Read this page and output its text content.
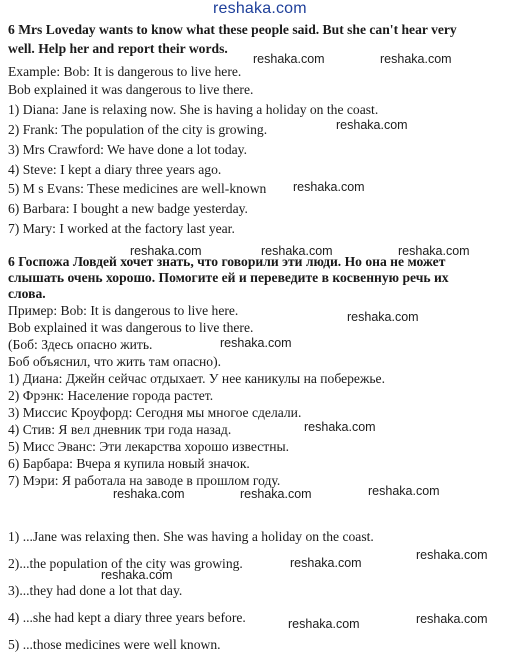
reshaka.com
6 Mrs Loveday wants to know what these people said. But she can't hear very
well. Help her and report their words.
Example: Bob: It is dangerous to live here.
Bob explained it was dangerous to live there.
1) Diana: Jane is relaxing now. She is having a holiday on the coast.
2) Frank: The population of the city is growing.
3) Mrs Crawford: We have done a lot today.
4) Steve: I kept a diary three years ago.
5) M s Evans: These medicines are well-known
6) Barbara: I bought a new badge yesterday.
7) Mary: I worked at the factory last year.
6 Госпожа Ловдей хочет знать, что говорили эти люди. Но она не может
слышать очень хорошо. Помогите ей и переведите в косвенную речь их
слова.
Пример: Bob: It is dangerous to live here.
Bob explained it was dangerous to live there.
(Боб: Здесь опасно жить.
Боб объяснил, что жить там опасно).
1) Диана: Джейн сейчас отдыхает. У нее каникулы на побережье.
2) Фрэнк: Население города растет.
3) Миссис Кроуфорд: Сегодня мы многое сделали.
4) Стив: Я вел дневник три года назад.
5) Мисс Эванс: Эти лекарства хорошо известны.
6) Барбара: Вчера я купила новый значок.
7) Мэри: Я работала на заводе в прошлом году.
1) ...Jane was relaxing then. She was having a holiday on the coast.
2)...the population of the city was growing.
3)...they had done a lot that day.
4) ...she had kept a diary three years before.
5) ...those medicines were well known.
reshaka.com	reshaka.com
reshaka.com
reshaka.com
reshaka.com	reshaka.com	reshaka.com
reshaka.com
reshaka.com
reshaka.com
reshaka.com	reshaka.com	reshaka.com
reshaka.com
reshaka.com
reshaka.com
reshaka.com	reshaka.com
